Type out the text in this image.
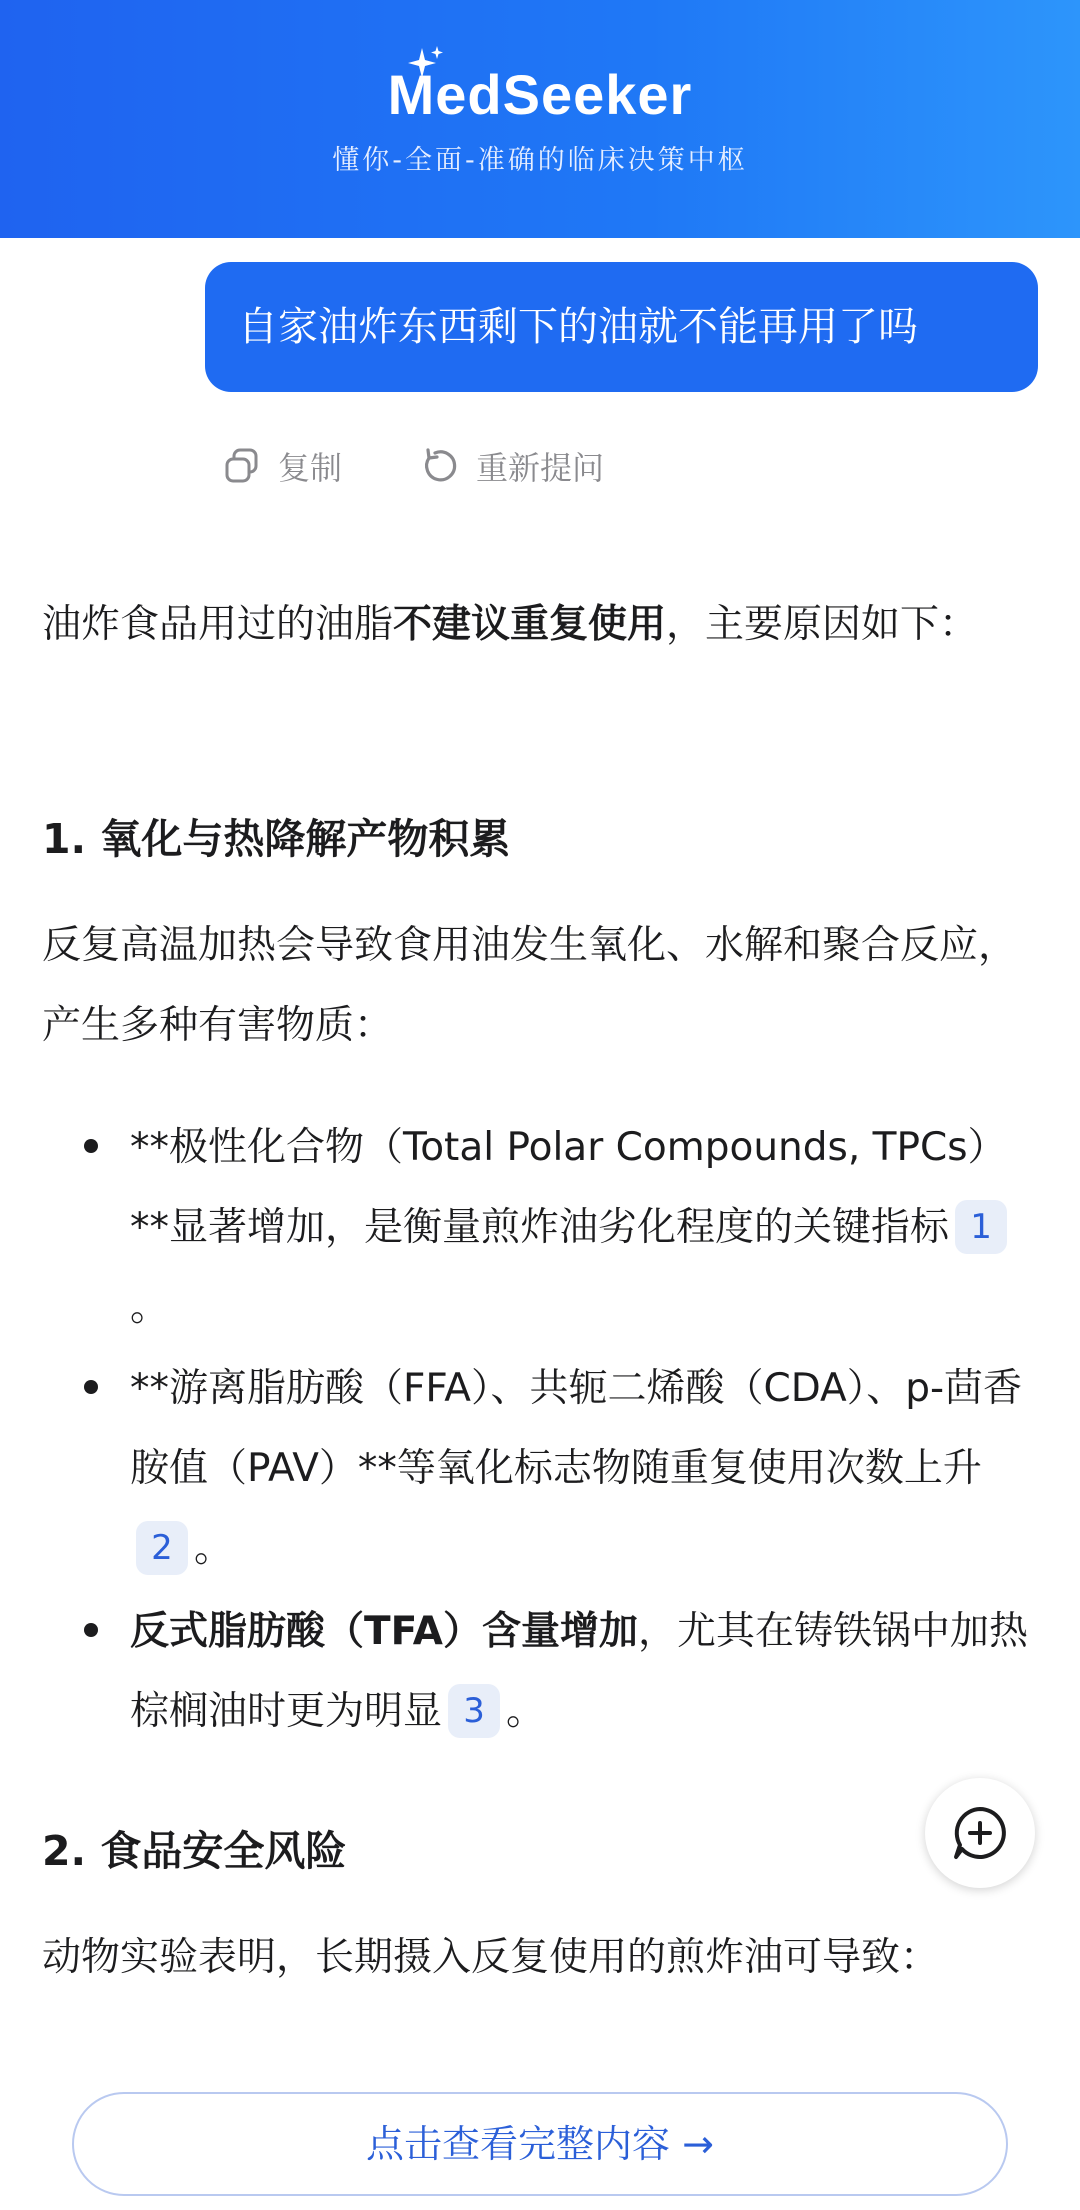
MedSeeker
懂你-全面-准确的临床决策中枢
自家油炸东西剩下的油就不能再用了吗
复制	重新提问
油炸食品用过的油脂不建议重复使用，主要原因如下：
1. 氧化与热降解产物积累
反复高温加热会导致食用油发生氧化、水解和聚合反应，产生多种有害物质：
**极性化合物（Total Polar Compounds, TPCs）**显著增加，是衡量煎炸油劣化程度的关键指标 1。
**游离脂肪酸（FFA）、共轭二烯酸（CDA）、p-茴香胺值（PAV）**等氧化标志物随重复使用次数上升2 。
反式脂肪酸（TFA）含量增加，尤其在铸铁锅中加热棕榈油时更为明显 3 。
2. 食品安全风险
动物实验表明，长期摄入反复使用的煎炸油可导致：
点击查看完整内容 →
